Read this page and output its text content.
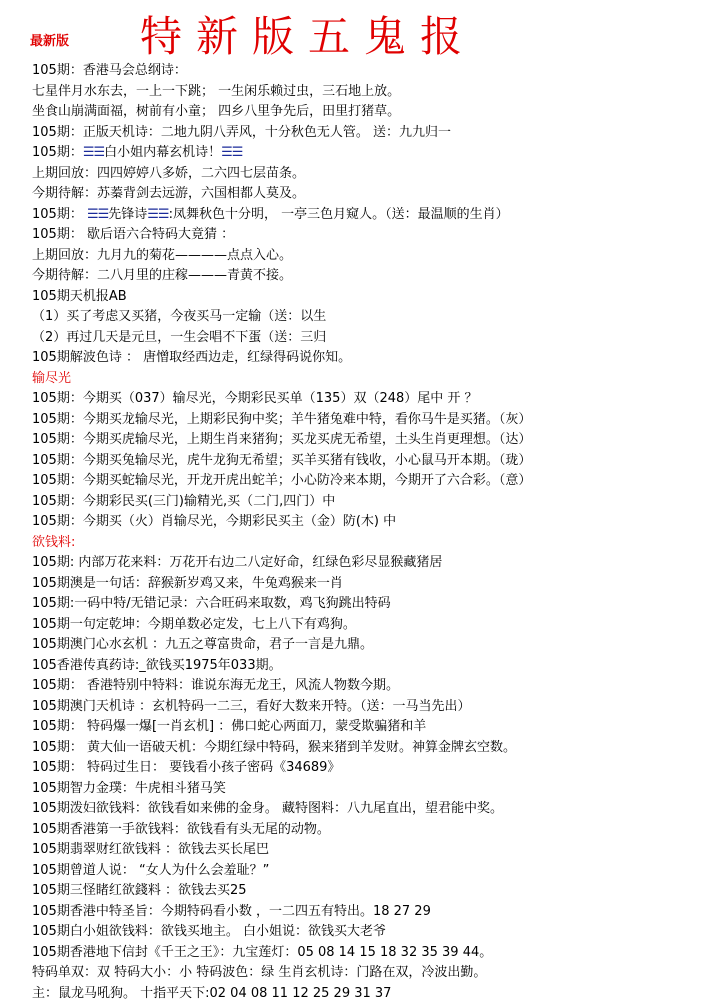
最新版 特新版五鬼报
105期：香港马会总纲诗：
七星伴月水东去，一上一下跳； 一生闲乐赖过虫，三石地上放。
坐食山崩满面福，树前有小童； 四乡八里争先后，田里打猪草。
105期：正版天机诗：二地九阴八弄风，十分秋色无人管。 送：九九归一
105期：☰☰白小姐内幕玄机诗！☰☰
上期回放：四四婷婷八多娇，二六四七层苗条。
今期待解：苏蓁背剑去远游，六国相都人莫及。
105期： ☰☰先锋诗☰☰:凤舞秋色十分明， 一亭三色月窥人。（送：最温顺的生肖）
105期： 歇后语六合特码大竟猜 ：
上期回放：九月九的菊花————点点入心。
今期待解：二八月里的庄稼———青黄不接。
105期天机报AB
（1）买了考虑又买猪，今夜买马一定输（送：以生
（2）再过几天是元旦，一生会唱不下蛋（送：三归
105期解波色诗 ： 唐憎取经西边走，红绿得码说你知。
输尽光
105期：今期买（037）输尽光，今期彩民买单（135）双（248）尾中 开 ？
105期：今期买龙输尽光，上期彩民狗中奖；羊牛猪兔难中特，看你马牛是买猪。（灰）
105期：今期买虎输尽光，上期生肖来猪狗；买龙买虎无希望，土头生肖更理想。（达）
105期：今期买兔输尽光，虎牛龙狗无希望；买羊买猪有钱收，小心鼠马开本期。（珑）
105期：今期买蛇输尽光，开龙开虎出蛇羊；小心防冷来本期，今期开了六合彩。（意）
105期：今期彩民买(三门)输精光,买（二门,四门）中
105期：今期买（火）肖输尽光，今期彩民买主（金）防(木) 中
欲钱料:
105期: 内部万花来料：万花开右边二八定好命，红绿色彩尽显猴藏猪居
105期澳是一句话：辞猴新岁鸡又来，牛兔鸡猴来一肖
105期:一码中特/无错记录：六合旺码来取数，鸡飞狗跳出特码
105期一句定乾坤：今期单数必定发，七上八下有鸡狗。
105期澳门心水玄机 ：九五之尊富贵命，君子一言是九鼎。
105香港传真药诗:_欲钱买1975年033期。
105期： 香港特别中特料：谁说东海无龙王，风流人物数今期。
105期澳门天机诗 ：玄机特码一二三，看好大数来开特。（送：一马当先出）
105期： 特码爆一爆[一肖玄机] ：佛口蛇心两面刀，蒙受欺骗猪和羊
105期： 黄大仙一语破天机：今期红绿中特码，猴来猪到羊发财。神算金牌玄空数。
105期： 特码过生日： 要钱看小孩子密码《34689》
105期智力金璞：牛虎相斗猪马笑
105期泼妇欲钱料：欲钱看如来佛的金身。 藏特图料：八九尾直出，望君能中奖。
105期香港第一手欲钱料：欲钱看有头无尾的动物。
105期翡翠财红欲钱料 ：欲钱去买长尾巴
105期曾道人说： “女人为什么会羞耻？”
105期三怪睹红欲錢料 ：欲钱去买25
105期香港中特圣旨：今期特码看小数 ，一二四五有特出。18 27 29
105期白小姐欲钱料：欲钱买地主。 白小姐说：欲钱买大老爷
105期香港地下信封《千王之王》：九宝莲灯：05 08 14 15 18 32 35 39 44。
特码单双：双 特码大小：小 特码波色：绿 生肖玄机诗：门路在双，冷波出勤。
主：鼠龙马吼狗。 十指平天下:02 04 08 11 12 25 29 31 37
